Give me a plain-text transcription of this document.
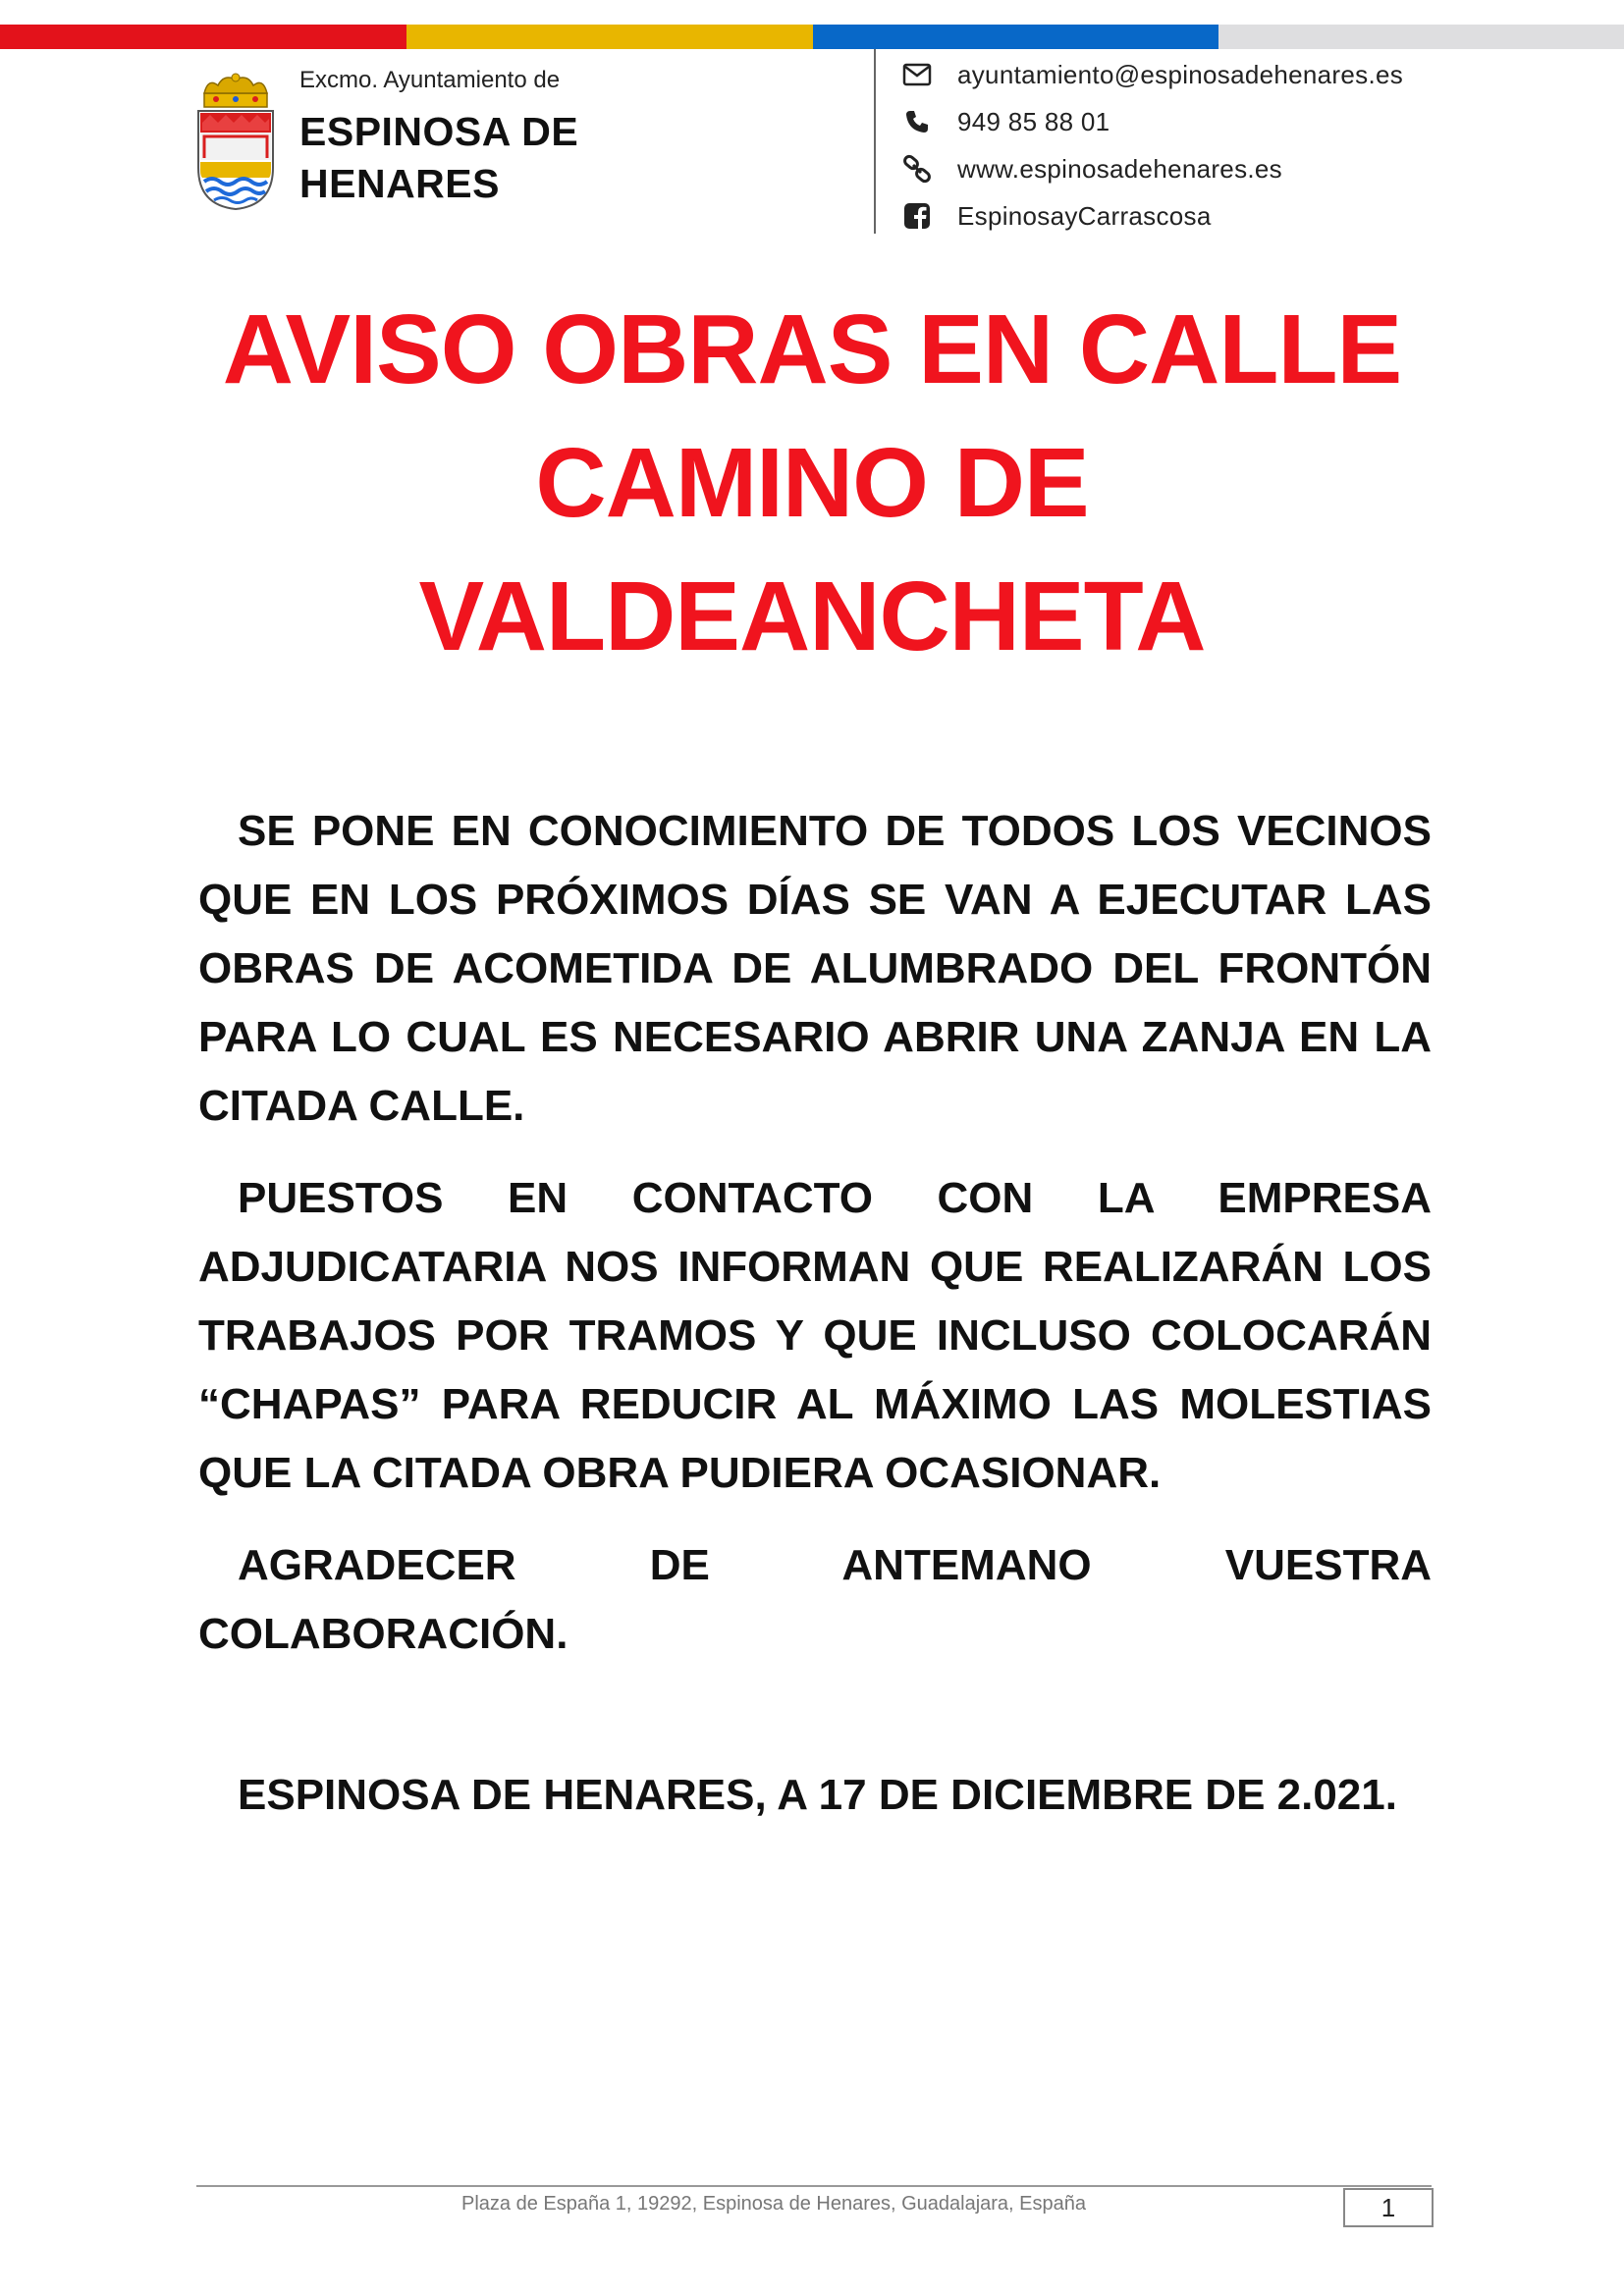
Excmo. Ayuntamiento de

ESPINOSA DE
HENARES

ayuntamiento@espinosadehenares.es
949 85 88 01
www.espinosadehenares.es
EspinosayCarrascosa
AVISO OBRAS EN CALLE
CAMINO DE
VALDEANCHETA

SE PONE EN CONOCIMIENTO DE TODOS LOS VECINOS QUE EN LOS PRÓXIMOS DÍAS SE VAN A EJECUTAR LAS OBRAS DE ACOMETIDA DE ALUMBRADO DEL FRONTÓN PARA LO CUAL ES NECESARIO ABRIR UNA ZANJA EN LA CITADA CALLE.

PUESTOS EN CONTACTO CON LA EMPRESA ADJUDICATARIA NOS INFORMAN QUE REALIZARÁN LOS TRABAJOS POR TRAMOS Y QUE INCLUSO COLOCARÁN “CHAPAS” PARA REDUCIR AL MÁXIMO LAS MOLESTIAS QUE LA CITADA OBRA PUDIERA OCASIONAR.

AGRADECER DE ANTEMANO VUESTRA COLABORACIÓN.

ESPINOSA DE HENARES, A 17 DE DICIEMBRE DE 2.021.

Plaza de España 1, 19292, Espinosa de Henares, Guadalajara, España	1
